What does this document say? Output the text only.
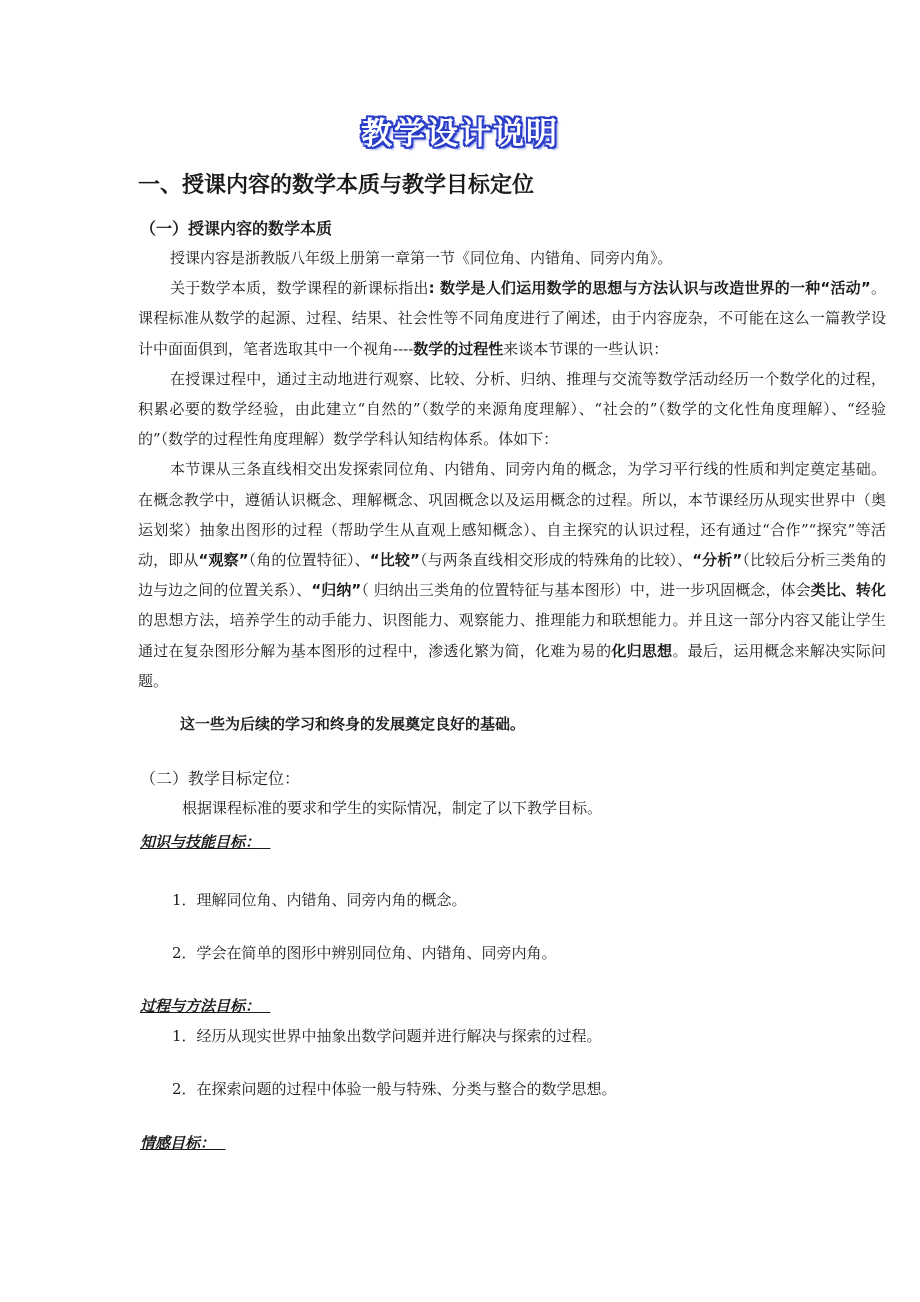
教学设计说明
一、授课内容的数学本质与教学目标定位
（一）授课内容的数学本质

授课内容是浙教版八年级上册第一章第一节《同位角、内错角、同旁内角》。

关于数学本质，数学课程的新课标指出: 数学是人们运用数学的思想与方法认识与改造世界的一种“活动”。课程标准从数学的起源、过程、结果、社会性等不同角度进行了阐述，由于内容庞杂，不可能在这么一篇教学设计中面面俱到，笔者选取其中一个视角----数学的过程性来谈本节课的一些认识：

在授课过程中，通过主动地进行观察、比较、分析、归纳、推理与交流等数学活动经历一个数学化的过程，积累必要的数学经验，由此建立“自然的”（数学的来源角度理解）、“社会的”（数学的文化性角度理解）、“经验的”（数学的过程性角度理解）数学学科认知结构体系。体如下：

本节课从三条直线相交出发探索同位角、内错角、同旁内角的概念，为学习平行线的性质和判定奠定基础。在概念教学中，遵循认识概念、理解概念、巩固概念以及运用概念的过程。所以，本节课经历从现实世界中（奥运划桨）抽象出图形的过程（帮助学生从直观上感知概念）、自主探究的认识过程，还有通过“合作”“探究”等活动，即从“观察”（角的位置特征）、“比较”（与两条直线相交形成的特殊角的比较）、“分析”（比较后分析三类角的边与边之间的位置关系）、“归纳”（ 归纳出三类角的位置特征与基本图形）中，进一步巩固概念，体会类比、转化的思想方法，培养学生的动手能力、识图能力、观察能力、推理能力和联想能力。并且这一部分内容又能让学生通过在复杂图形分解为基本图形的过程中，渗透化繁为简，化难为易的化归思想。最后，运用概念来解决实际问题。

这一些为后续的学习和终身的发展奠定良好的基础。
（二）教学目标定位：
根据课程标准的要求和学生的实际情况，制定了以下教学目标。
知识与技能目标：
1．理解同位角、内错角、同旁内角的概念。
2．学会在简单的图形中辨别同位角、内错角、同旁内角。
过程与方法目标：
1．经历从现实世界中抽象出数学问题并进行解决与探索的过程。
2．在探索问题的过程中体验一般与特殊、分类与整合的数学思想。
情感目标：
